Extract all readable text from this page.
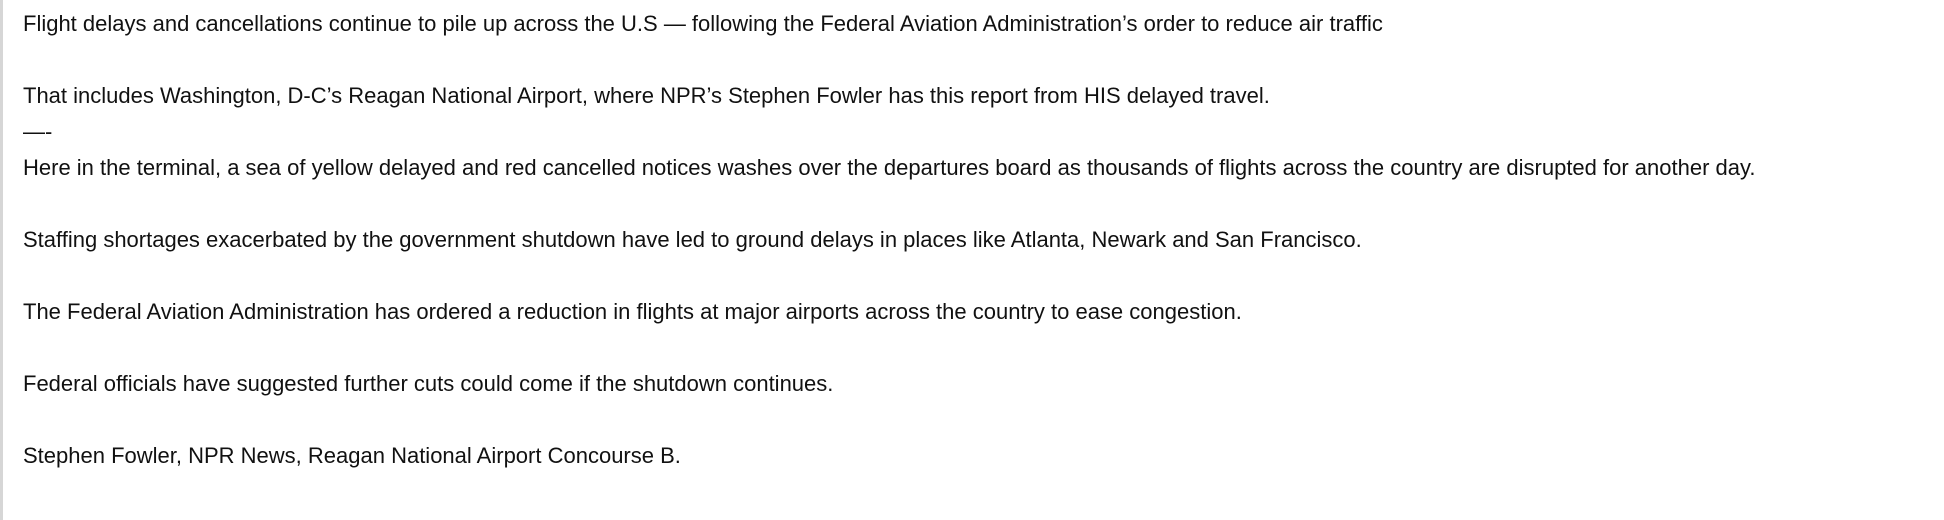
Flight delays and cancellations continue to pile up across the U.S — following the Federal Aviation Administration’s order to reduce air traffic
That includes Washington, D-C’s Reagan National Airport, where NPR’s Stephen Fowler has this report from HIS delayed travel.
—-
Here in the terminal, a sea of yellow delayed and red cancelled notices washes over the departures board as thousands of flights across the country are disrupted for another day.
Staffing shortages exacerbated by the government shutdown have led to ground delays in places like Atlanta, Newark and San Francisco.
The Federal Aviation Administration has ordered a reduction in flights at major airports across the country to ease congestion.
Federal officials have suggested further cuts could come if the shutdown continues.
Stephen Fowler, NPR News, Reagan National Airport Concourse B.
